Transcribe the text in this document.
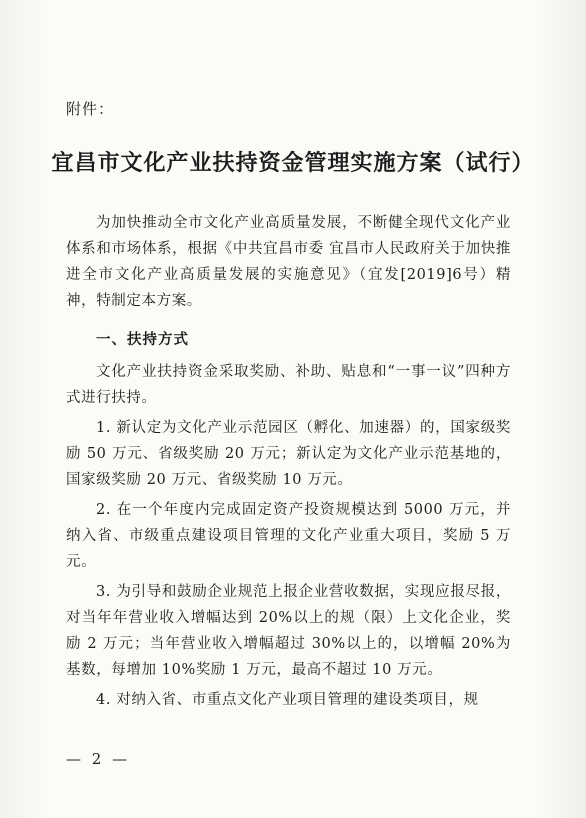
附件：
宜昌市文化产业扶持资金管理实施方案（试行）

为加快推动全市文化产业高质量发展，不断健全现代文化产业体系和市场体系，根据《中共宜昌市委 宜昌市人民政府关于加快推进全市文化产业高质量发展的实施意见》（宜发[2019]6号）精神，特制定本方案。

一、扶持方式

文化产业扶持资金采取奖励、补助、贴息和“一事一议”四种方式进行扶持。

1. 新认定为文化产业示范园区（孵化、加速器）的，国家级奖励 50 万元、省级奖励 20 万元；新认定为文化产业示范基地的，国家级奖励 20 万元、省级奖励 10 万元。

2. 在一个年度内完成固定资产投资规模达到 5000 万元，并纳入省、市级重点建设项目管理的文化产业重大项目，奖励 5 万元。

3. 为引导和鼓励企业规范上报企业营收数据，实现应报尽报，对当年年营业收入增幅达到 20%以上的规（限）上文化企业，奖励 2 万元；当年营业收入增幅超过 30%以上的，以增幅 20%为基数，每增加 10%奖励 1 万元，最高不超过 10 万元。

4. 对纳入省、市重点文化产业项目管理的建设类项目，规

— 2 —
